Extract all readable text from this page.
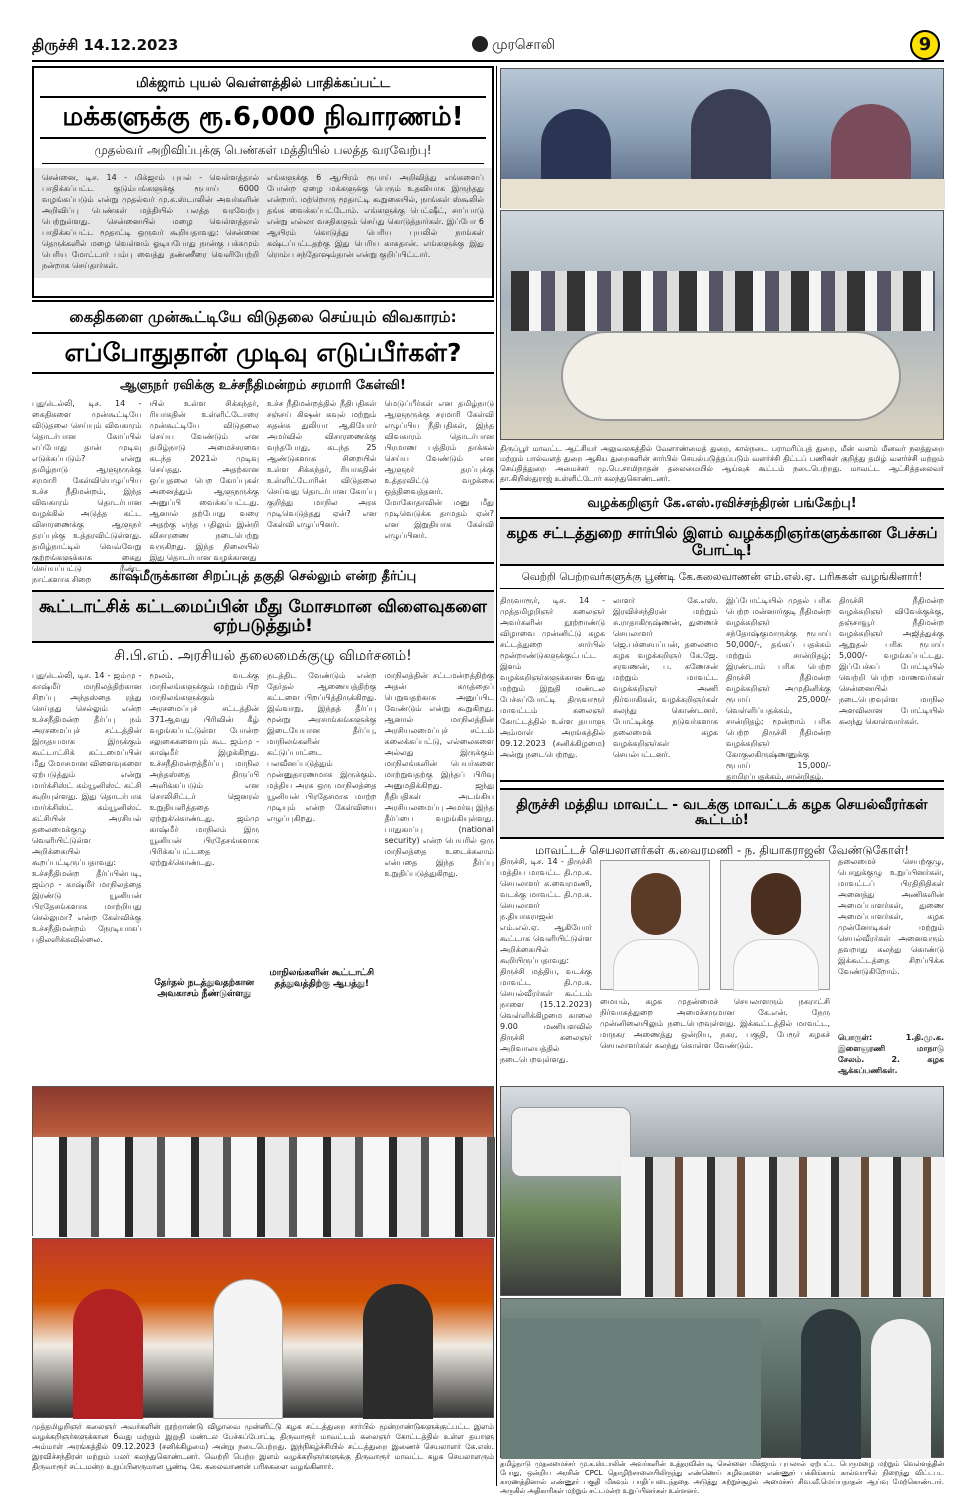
திருச்சி 14.12.2023	முரசொலி	9
மிக்ஜாம் புயல் வெள்ளத்தில் பாதிக்கப்பட்ட
மக்களுக்கு ரூ.6,000 நிவாரணம்!
முதல்வர் அறிவிப்புக்கு பெண்கள் மத்தியில் பலத்த வரவேற்பு!
சென்னை, டிச. 14 - மிக்ஜாம் புயல் - வெள்ளத்தால் பாதிக்கப்பட்ட குடும்பங்களுக்கு ரூபாய் 6000 வழங்கப்படும் என்று முதல்வர் மு.க.ஸ்டாலின் அவர்களின் அறிவிப்பு பெண்கள் மத்தியில் பலத்த வரவேற்பு பெற்றுள்ளது. சென்னையில் மழை வெள்ளத்தால் பாதிக்கப்பட்ட மூதாட்டி ஒருவர் கூறியதாவது: சென்னை தெருக்களில் மழை வெள்ளம் ஓடியபோது நான்கு பக்கமும் பெரிய மோட்டார் பம்பு வைத்து தண்ணீரை வெளியேற்றி நன்றாக செய்தார்கள்.
எங்களுக்கு 6 ஆயிரம் ரூபாய் அறிவித்து எங்களைப் போன்ற ஏழை மக்களுக்கு பெரும் உதவியாக இருந்தது என்றார். மற்றொரு மூதாட்டி கூறுகையில், நாங்கள் ஸ்கூலில் தங்க வைக்கப்பட்டோம். எங்களுக்கு பெட்ஷீட், சாப்பாடு என்று எல்லா வசதிகளும் செய்து கொடுத்தார்கள். இப்போ 6 ஆயிரம் கொடுத்து பெரிய புயலில் நாங்கள் கஷ்டப்பட்டதற்கு இது பெரிய காசுதான். எங்களுக்கு இது ரொம்ப சந்தோஷம்தான் என்று குறிப்பிட்டார்.
கைதிகளை முன்கூட்டியே விடுதலை செய்யும் விவகாரம்:
எப்போதுதான் முடிவு எடுப்பீர்கள்?
ஆளுநர் ரவிக்கு உச்சநீதிமன்றம் சரமாரி கேள்வி!
புதுடெல்லி, டிச. 14 - கைதிகளை முன்கூட்டியே விடுதலை செய்யும் விவகாரம் தொடர்பான கோப்பில் எப்போது தான் முடிவு எடுக்கப்படும்? என்று தமிழ்நாடு ஆளுநருக்கு சரமாரி கேள்வியெழுப்பிய உச்ச நீதிமன்றம், இந்த விவகாரம் தொடர்பான வழக்கில் அடுத்த கட்ட விசாரணைக்கு ஆளுநர் தரப்புக்கு உத்தரவிட்டுள்ளது. தமிழ்நாட்டில் வெவ்வேறு குற்றங்களுக்காக கைது செய்யப்பட்டு நீண்ட நாட்களாக சிறை
யில் உள்ள சிக்கந்தர், ரியாகதின் உள்ளிட்டோரை முன்கூட்டியே விடுதலை செய்ய வேண்டும் என தமிழ்நாடு அமைச்சரவை கடந்த 2021ல் முடிவு செய்தது. அதற்கான ஒப்புதலை பெற கோப்புகள் அனைத்தும் ஆளுநருக்கு அனுப்பி வைக்கப்பட்டது. ஆனால் தற்போது வரை அதற்கு எந்த பதிலும் இன்றி விசாரணை நடைபெற்று வருகிறது. இந்த நிலையில் இது தொடர்பான வழக்கானது
உச்ச நீதிமன்றத்தில் நீதிபதிகள் சஞ்சய் கிஷன் கவுல் மற்றும் சுதன்சு துலியா ஆகியோர் அமர்வில் விசாரணைக்கு வந்தபோது, கடந்த 25 ஆண்டுகளாக சிறையில் உள்ள சிக்கந்தர், ரியாகதின் உள்ளிட்டோரின் விடுதலை செய்வது தொடர்பான கோப்பு குறித்து மாநில அரசு முடிவெடுத்தது ஏன்? என கேள்வி எழுப்பினர்.
மெடுப்பீர்கள் என தமிழ்நாடு ஆளுநருக்கு சரமாரி கேள்வி எழுப்பிய நீதிபதிகள், இந்த விவகாரம் தொடர்பான பிரமாண பத்திரம் தாக்கல் செய்ய வேண்டும் என ஆளுநர் தரப்புக்கு உத்தரவிட்டு வழக்கை ஒத்திவைத்தனர். மோகோதாவின் மனு மீது முடிவெடுக்க தாமதம் ஏன்? என இறுதியாக கேள்வி எழுப்பினர்.
காஷ்மீருக்கான சிறப்புத் தகுதி செல்லும் என்ற தீர்ப்பு
கூட்டாட்சிக் கட்டமைப்பின் மீது மோசமான விளைவுகளை ஏற்படுத்தும்!
சி.பி.எம். அரசியல் தலைமைக்குழு விமர்சனம்!
புதுடெல்லி, டிச. 14 - ஜம்மு - காஷ்மீர் மாநிலத்திற்கான சிறப்பு அந்தஸ்தை ரத்து செய்தது செல்லும் என்ற உச்சநீதிமன்ற தீர்ப்பு நம் அரசமைப்புச் சட்டத்தின் இருதயமாக இருக்கும் கூட்டாட்சிக் கட்டமைப்பின் மீது மோசமான விளைவுகளை ஏற்படுத்தும் என்று மார்க்சிஸ்ட் கம்யூனிஸ்ட் கட்சி கூறியுள்ளது. இது தொடர்பாக மார்க்சிஸ்ட் கம்யூனிஸ்ட் கட்சியின் அரசியல் தலைமைக்குழு வெளியிட்டுள்ள அறிக்கையில் கூறப்பட்டிருப்பதாவது: உச்சநீதிமன்ற தீர்ப்பின்படி, ஜம்மு - காஷ்மீர் மாநிலத்தை இரண்டு யூனியன் பிரதேசங்களாக மாற்றியது செல்லுமா? என்ற கேள்விக்கு உச்சநீதிமன்றம் நேரடியாகப் பதிலளிக்கவில்லை.
மூலம், வடக்கு மாநிலங்களுக்கும் மற்றும் பிற மாநிலங்களுக்கும் அரசமைப்புச் சட்டத்தின் 371ஆவது பிரிவின் கீழ் வழங்கப்பட்டுள்ள போன்ற சலுகைகளையும் கூட ஜம்மு - காஷ்மீர் இழக்கிறது. உச்சநீதிமன்றத்தீர்ப்பு மாநில அந்தஸ்தை திருப்பி அளிக்கப்படும் என சொலிசிட்டர் ஜெனரல் உறுதியளித்ததை ஏற்றுக்கொண்டது. ஜம்மு காஷ்மீர் மாநிலம் இரு யூனியன் பிரதேசங்களாக பிரிக்கப்பட்டதை ஏற்றுக்கொண்டது.
தேர்தல் நடத்துவதற்கான அவகாசம் நீண்டுள்ளது
நடத்திட வேண்டும் என்ற தேர்தல் ஆணையத்திற்கு கட்டளை பிறப்பித்திருக்கிறது. இவ்வாறு, இந்தத் தீர்ப்பு மூன்று அரசாங்கங்களுக்கு இடையேயான தீர்ப்பு, மாநிலங்களின் கட்டுப்பாட்டை பலவீனப்படுத்தும் முன்னுதாரணமாக இருக்கும். மத்திய அரசு ஒரு மாநிலத்தை யூனியன் பிரதேசமாக மாற்ற முடியும் என்ற கேள்வியை எழுப்புகிறது.
மாநிலங்களின் கூட்டாட்சி தத்துவத்திற்கு ஆபத்து!
மாநிலத்தின் சட்டமன்றத்திற்கு அதன் கருத்தைப் பெறுவதற்காக அனுப்பிட வேண்டும் என்று கூறுகிறது. ஆனால் மாநிலத்தின் அரசியலமைப்புச் சட்டம் கலைக்கப்பட்டு, எல்லைகளை அல்லது இருக்கும் மாநிலங்களின் பெயர்களை மாற்றுவதற்கு இந்தப் பிரிவு அனுமதிக்கிறது. ஜந்து நீதிபதிகள் அடங்கிய அரசியலமைப்பு அமர்வு இந்த தீர்ப்பை வழங்கியுள்ளது. பாதுகாப்பு (national security) என்ற பெயரில் ஒரு மாநிலத்தை உடைக்கலாம் என்பதை இந்த தீர்ப்பு உறுதிப்படுத்துகிறது.
திருப்பூர் மாவட்ட ஆட்சியர் அலுவலகத்தில் வேளாண்மைத் துறை, கால்நடை பராமரிப்புத் துறை, மீன் வளம் மீனவர் நலத்துறை மற்றும் பால்வளத் துறை ஆகிய துறைகளின் சார்பில் செயல்படுத்தப்படும் வளர்ச்சி திட்டப் பணிகள் குறித்து தமிழ் வளர்ச்சி மற்றும் செய்தித்துறை அமைச்சர் மு.பெ.சாமிநாதன் தலைமையில் ஆய்வுக் கூட்டம் நடைபெற்றது. மாவட்ட ஆட்சித்தலைவர் தா.கிறிஸ்துராஜ் உள்ளிட்டோர் கலந்துகொண்டனர்.
வழக்கறிஞர் கே.எஸ்.ரவிச்சந்திரன் பங்கேற்பு!
கழக சட்டத்துறை சார்பில் இளம் வழக்கறிஞர்களுக்கான பேச்சுப் போட்டி!
வெற்றி பெற்றவர்களுக்கு பூண்டி கே.கலைவாணன் எம்.எல்.ஏ. பரிசுகள் வழங்கினார்!
திருவாரூர், டிச. 14 - முத்தமிழறிஞர் கலைஞர் அவர்களின் நூற்றாண்டு விழாவை முன்னிட்டு கழக சட்டத்துறை சார்பில் மூன்றாண்டுகளுக்குட்பட்ட இளம் வழக்கறிஞர்களுக்கான 6வது மற்றும் இறுதி மண்டல பேச்சுப்போட்டி திருவாரூர் மாவட்டம் கலைஞர் கோட்டத்தில் உள்ள தயாளு அம்மாள் அரங்கத்தில் 09.12.2023 (சனிக்கிழமை) அன்று நடைபெற்றது.
லாளர் கே.எஸ். இரவிச்சந்திரன் மற்றும் சு.ராதாகிருஷ்ணன், துணைச் செயலாளர் ஜெ.பச்சையப்பன், தலைமை கழக வழக்கறிஞர் கே.ஜே. சரவணன், ப. கணேசன் மற்றும் மாவட்ட வழக்கறிஞர் அணி நிர்வாகிகள், வழக்கறிஞர்கள் கலந்து கொண்டனர். போட்டிக்கு நடுவர்களாக தலைமைக் கழக வழக்கறிஞர்கள் செயல்பட்டனர்.
இப்போட்டியில் முதல் பரிசு பெற்ற மன்னார்குடி நீதிமன்ற வழக்கறிஞர் சந்தோஷ்குமாருக்கு ரூபாய் 50,000/-, தங்கப் பதக்கம் மற்றும் சான்றிதழ்; இரண்டாம் பரிசு பெற்ற திருச்சி நீதிமன்ற வழக்கறிஞர் அமுதினிக்கு ரூபாய் 25,000/- வெள்ளிப்பதக்கம், சான்றிதழ்; மூன்றாம் பரிசு பெற்ற திருச்சி நீதிமன்ற வழக்கறிஞர் கோகுலகிருஷ்ணனுக்கு ரூபாய் 15,000/- தாமிரப்பதக்கம், சான்றிதழ்.
திருச்சி நீதிமன்ற வழக்கறிஞர் விவேக்குக்கு, தஞ்சாவூர் நீதிமன்ற வழக்கறிஞர் அஜித்துக்கு ஆறுதல் பரிசு ரூபாய் 5,000/- வழங்கப்பட்டது. இப்பேச்சுப் போட்டியில் வெற்றி பெற்ற மாணவர்கள் சென்னையில் நடைபெறவுள்ள மாநில அளவிலான போட்டியில் கலந்து கொள்வார்கள்.
திருச்சி மத்திய மாவட்ட - வடக்கு மாவட்டக் கழக செயல்வீரர்கள் கூட்டம்!
மாவட்டச் செயலாளர்கள் க.வைரமணி - ந. தியாகராஜன் வேண்டுகோள்!
திருச்சி, டிச. 14 - திருச்சி மத்திய மாவட்ட தி.மு.க. செயலாளர் க.வைரமணி, வடக்கு மாவட்ட தி.மு.க. செயலாளர் ந.தியாகராஜன் எம்.எல்.ஏ. ஆகியோர் கூட்டாக வெளியிட்டுள்ள அறிக்கையில் கூறியிருப்பதாவது: திருச்சி மத்திய, வடக்கு மாவட்ட தி.மு.க. செயல்வீரர்கள் கூட்டம் நாளை (15.12.2023) வெள்ளிக்கிழமை காலை 9.00 மணியளவில் திருச்சி கலைஞர் அறிவாலயத்தில் நடைபெறவுள்ளது.
மையம், கழக முதன்மைச் செயலாளரும் நகராட்சி நிர்வாகத்துறை அமைச்சருமான கே.என். நேரு முன்னிலையிலும் நடைபெறவுள்ளது. இக்கூட்டத்தில் மாவட்ட, மாநகர அணைத்து ஒன்றிய, நகர, பகுதி, பேரூர் கழகச் செயலாளர்கள் கலந்து கொள்ள வேண்டும்.
தலைமைச் செயற்குழு, பொதுக்குழு உறுப்பினர்கள், மாவட்டப் பிரதிநிதிகள் அனைத்து அணிகளின் அமைப்பாளர்கள், துணை அமைப்பாளர்கள், கழக முன்னோடிகள் மற்றும் செயல்வீரர்கள் அனைவரும் தவறாது கலந்து கொண்டு இக்கூட்டத்தை சிறப்பிக்க வேண்டுகிறோம்.
பொருள்: 1.தி.மு.க. இளைஞரணி மாநாடு சேலம். 2. கழக ஆக்கப்பணிகள்.
முத்தமிழறிஞர் கலைஞர் அவர்களின் நூற்றாண்டு விழாவை முன்னிட்டு கழக சட்டத்துறை சார்பில் மூன்றாண்டுகளுக்குட்பட்ட இளம் வழக்கறிஞர்களுக்கான 6வது மற்றும் இறுதி மண்டல பேச்சுப்போட்டி திருவாரூர் மாவட்டம் கலைஞர் கோட்டத்தில் உள்ள தயாளு அம்மாள் அரங்கத்தில் 09.12.2023 (சனிக்கிழமை) அன்று நடைபெற்றது. இந்நிகழ்ச்சியில் சட்டத்துறை இணைச் செயலாளர் கே.எஸ். இரவிச்சந்திரன் மற்றும் பலர் கலந்துகொண்டனர். வெற்றி பெற்ற இளம் வழக்கறிஞர்களுக்கு திருவாரூர் மாவட்ட கழக செயலாளரும் திருவாரூர் சட்டமன்ற உறுப்பினருமான பூண்டி கே. கலைவாணன் பரிசுகளை வழங்கினார்.	தமிழ்நாடு முதலமைச்சர் மு.க.ஸ்டாலின் அவர்களின் உத்தரவின்படி சென்னை மிக்ஜாம் புயலால் ஏற்பட்ட பெருமழை மற்றும் வெள்ளத்தின் போது, ஒன்றிய அரசின் CPCL தொழிற்சாலையிலிருந்து எண்ணெய் கழிவுகளை எண்ணூர் பக்கிங்காம் கால்வாயில் நிறைந்து விட்டபட காரணத்தினால் எண்ணூர் பகுதி மிகவும் பாதிப்படைந்ததை அடுத்து சுற்றுச்சூழல் அமைச்சர் சிவ.வீ.மெய்யநாதன் ஆய்வு மேற்கொண்டார். அருகில் அதிகாரிகள் மற்றும் சட்டமன்ற உறுப்பினர்கள் உள்ளனர்.
